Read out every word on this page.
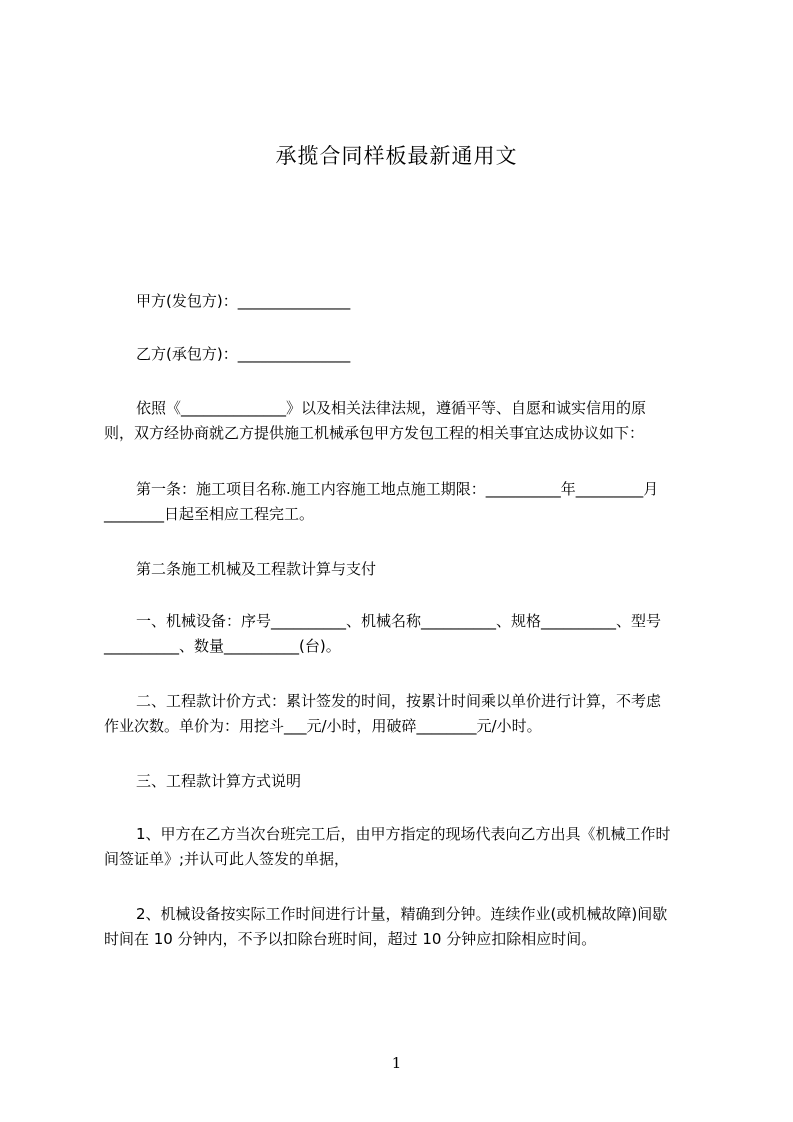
承揽合同样板最新通用文

甲方(发包方)：_______________

乙方(承包方)：_______________

依照《______________》以及相关法律法规，遵循平等、自愿和诚实信用的原
则，双方经协商就乙方提供施工机械承包甲方发包工程的相关事宜达成协议如下：

第一条：施工项目名称.施工内容施工地点施工期限：__________年_________月
________日起至相应工程完工。

第二条施工机械及工程款计算与支付

一、机械设备：序号__________、机械名称__________、规格__________、型号
__________、数量__________(台)。

二、工程款计价方式：累计签发的时间，按累计时间乘以单价进行计算，不考虑
作业次数。单价为：用挖斗___元/小时，用破碎________元/小时。

三、工程款计算方式说明

1、甲方在乙方当次台班完工后，由甲方指定的现场代表向乙方出具《机械工作时
间签证单》;并认可此人签发的单据，

2、机械设备按实际工作时间进行计量，精确到分钟。连续作业(或机械故障)间歇
时间在 10 分钟内，不予以扣除台班时间，超过 10 分钟应扣除相应时间。

1
